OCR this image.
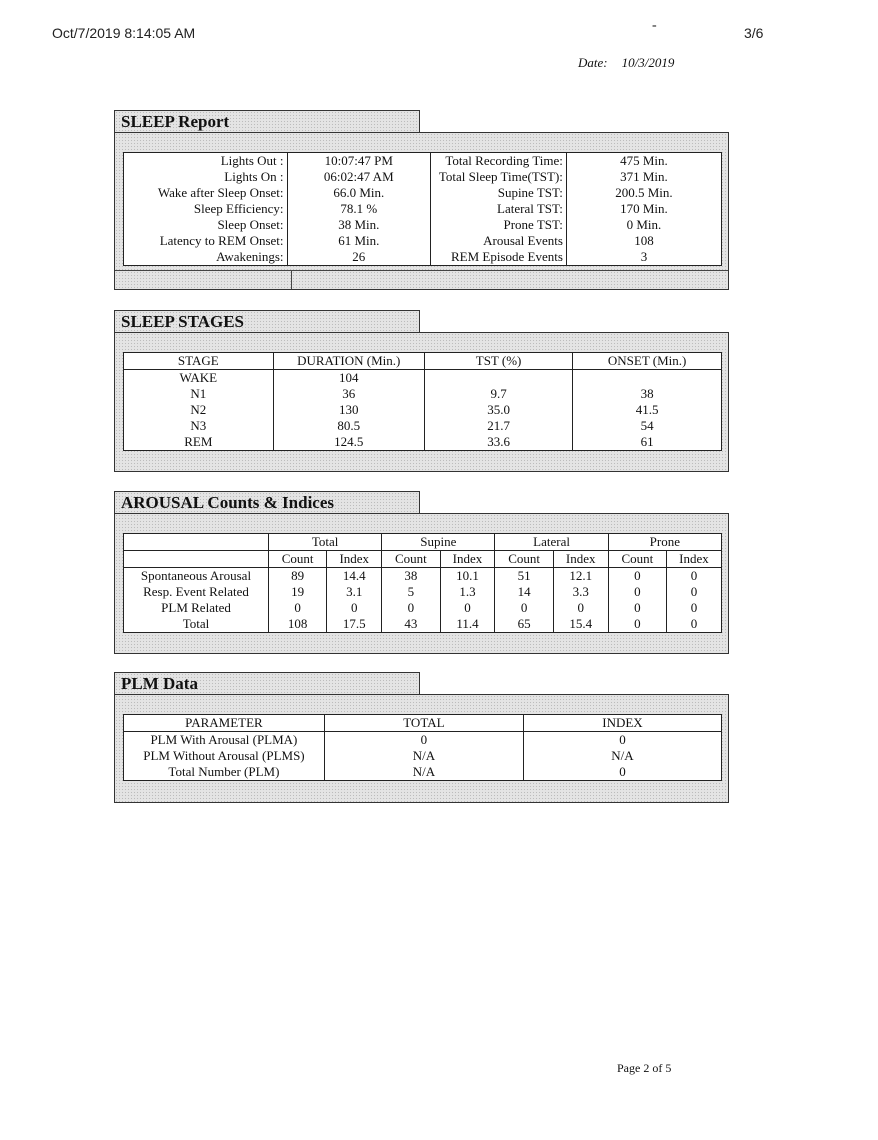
Oct/7/2019 8:14:05 AM	-	3/6
Date: 10/3/2019
Lights Out :	10:07:47 PM	Total Recording Time:	475 Min.
Lights On :	06:02:47 AM	Total Sleep Time(TST):	371 Min.
Wake after Sleep Onset:	66.0 Min.	Supine TST:	200.5 Min.
Sleep Efficiency:	78.1 %	Lateral TST:	170 Min.
Sleep Onset:	38 Min.	Prone TST:	0 Min.
Latency to REM Onset:	61 Min.	Arousal Events	108
Awakenings:	26	REM Episode Events	3
SLEEP Report
STAGE	DURATION (Min.)	TST (%)	ONSET (Min.)
WAKE	104		
N1	36	9.7	38
N2	130	35.0	41.5
N3	80.5	21.7	54
REM	124.5	33.6	61
SLEEP STAGES
	Total		Supine		Lateral		Prone	
	Count	Index	Count	Index	Count	Index	Count	Index
Spontaneous Arousal	89	14.4	38	10.1	51	12.1	0	0
Resp. Event Related	19	3.1	5	1.3	14	3.3	0	0
PLM Related	0	0	0	0	0	0	0	0
Total	108	17.5	43	11.4	65	15.4	0	0
AROUSAL Counts & Indices
PARAMETER	TOTAL	INDEX
PLM With Arousal (PLMA)	0	0
PLM Without Arousal (PLMS)	N/A	N/A
Total Number (PLM)	N/A	0
PLM Data
Page 2 of 5
